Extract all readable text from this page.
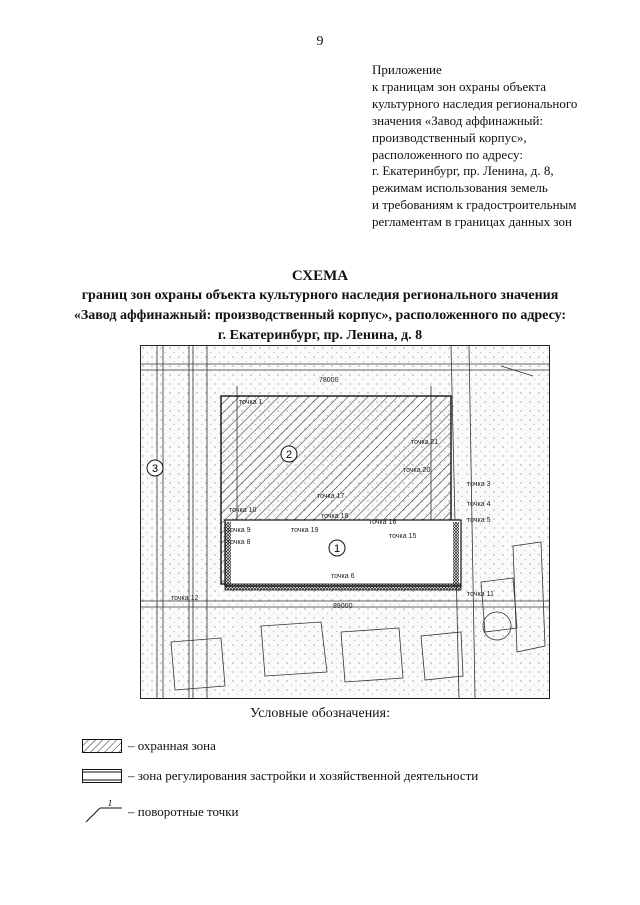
9
Приложение
к границам зон охраны объекта
культурного наследия регионального
значения «Завод аффинажный:
производственный корпус»,
расположенного по адресу:
г. Екатеринбург, пр. Ленина, д. 8,
режимам использования земель
и требованиям к градостроительным
регламентам в границах данных зон
СХЕМА
границ зон охраны объекта культурного наследия регионального значения
«Завод аффинажный: производственный корпус», расположенного по адресу:
г. Екатеринбург, пр. Ленина, д. 8
78000
89000
точка 1
точка 21
точка 20
точка 17
точка 10
точка 18
точка 16
точка 9	точка 19
точка 15
точка 8
точка 3
точка 4
точка 5
точка 11
точка 12
точка 6
1
2
3
Условные обозначения:
– охранная зона
– зона регулирования застройки и хозяйственной деятельности
1
– поворотные точки
